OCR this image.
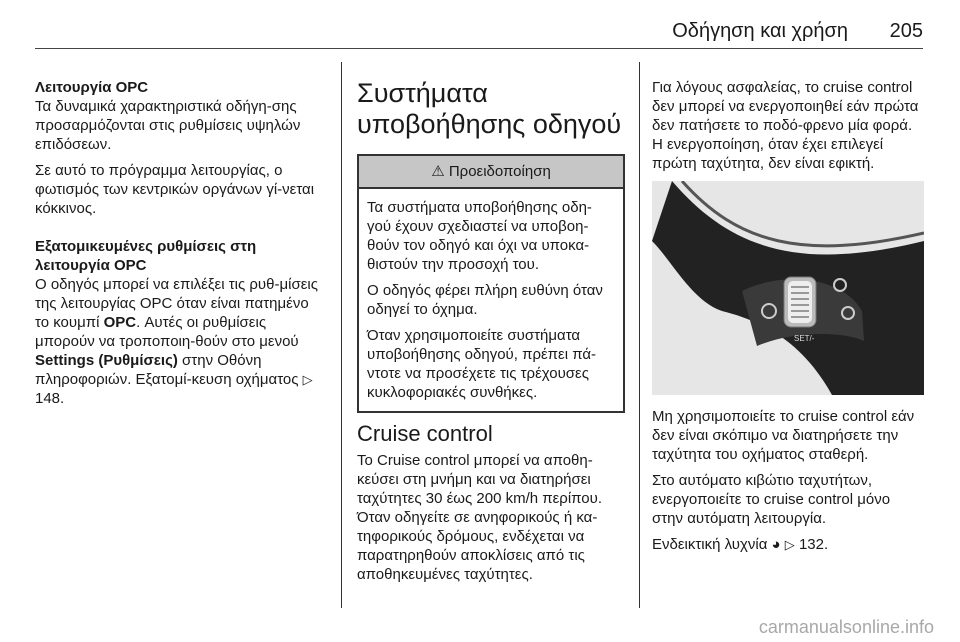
Οδήγηση και χρήση 205

Λειτουργία OPC

Τα δυναμικά χαρακτηριστικά οδήγη-σης προσαρμόζονται στις ρυθμίσεις υψηλών επιδόσεων.

Σε αυτό το πρόγραμμα λειτουργίας, ο φωτισμός των κεντρικών οργάνων γί-νεται κόκκινος.

Εξατομικευμένες ρυθμίσεις στη λειτουργία OPC

Ο οδηγός μπορεί να επιλέξει τις ρυθ-μίσεις της λειτουργίας OPC όταν είναι πατημένο το κουμπί OPC. Αυτές οι ρυθμίσεις μπορούν να τροποποιη-θούν στο μενού Settings (Ρυθμίσεις) στην Οθόνη πληροφοριών. Εξατομί-κευση οχήματος ▷ 148.

Συστήματα υποβοήθησης οδηγού
⚠ Προειδοποίηση

Τα συστήματα υποβοήθησης οδη-γού έχουν σχεδιαστεί να υποβοη-θούν τον οδηγό και όχι να υποκα-θιστούν την προσοχή του.

Ο οδηγός φέρει πλήρη ευθύνη όταν οδηγεί το όχημα.

Όταν χρησιμοποιείτε συστήματα υποβοήθησης οδηγού, πρέπει πά-ντοτε να προσέχετε τις τρέχουσες κυκλοφοριακές συνθήκες.

Cruise control

Το Cruise control μπορεί να αποθη-κεύσει στη μνήμη και να διατηρήσει ταχύτητες 30 έως 200 km/h περίπου. Όταν οδηγείτε σε ανηφορικούς ή κα-τηφορικούς δρόμους, ενδέχεται να παρατηρηθούν αποκλίσεις από τις αποθηκευμένες ταχύτητες.

Για λόγους ασφαλείας, το cruise control δεν μπορεί να ενεργοποιηθεί εάν πρώτα δεν πατήσετε το ποδό-φρενο μία φορά. Η ενεργοποίηση, όταν έχει επιλεγεί πρώτη ταχύτητα, δεν είναι εφικτή.

SET/-

Μη χρησιμοποιείτε το cruise control εάν δεν είναι σκόπιμο να διατηρήσετε την ταχύτητα του οχήματος σταθερή.

Στο αυτόματο κιβώτιο ταχυτήτων, ενεργοποιείτε το cruise control μόνο στην αυτόματη λειτουργία.

Ενδεικτική λυχνία ◕ ▷ 132.

carmanualsonline.info
